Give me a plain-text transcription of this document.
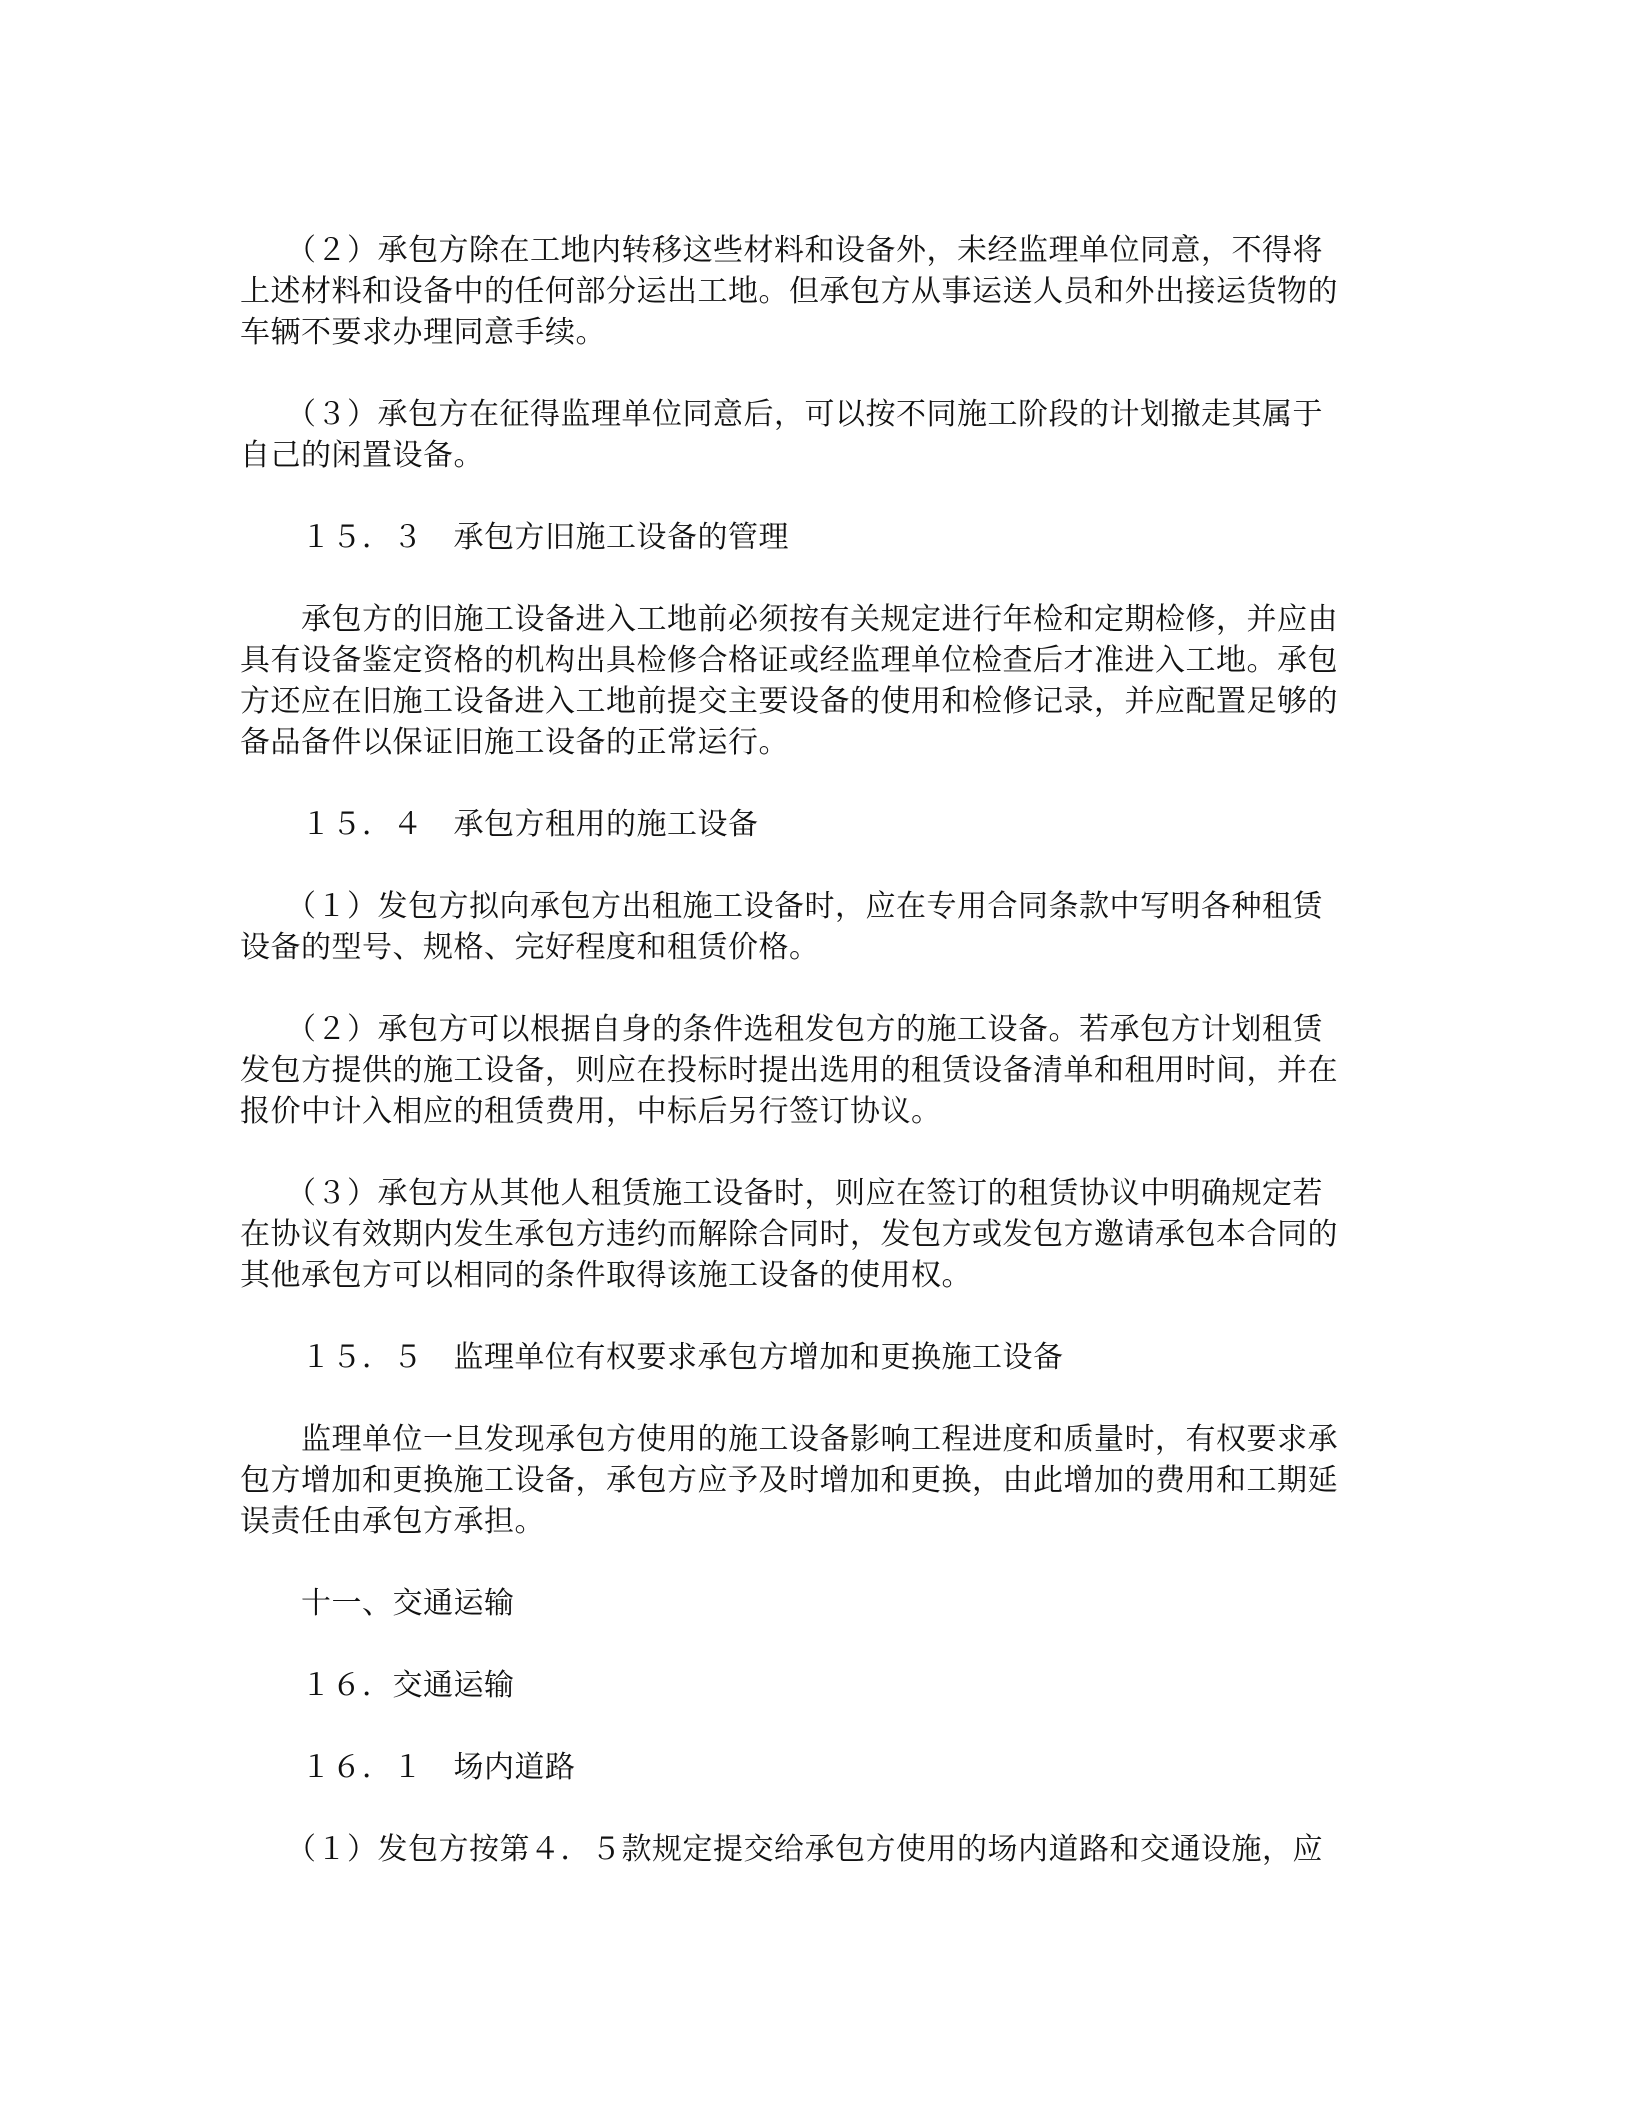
　　（２）承包方除在工地内转移这些材料和设备外，未经监理单位同意，不得将
上述材料和设备中的任何部分运出工地。但承包方从事运送人员和外出接运货物的
车辆不要求办理同意手续。
　　（３）承包方在征得监理单位同意后，可以按不同施工阶段的计划撤走其属于
自己的闲置设备。
　　１５．３　承包方旧施工设备的管理
　　承包方的旧施工设备进入工地前必须按有关规定进行年检和定期检修，并应由
具有设备鉴定资格的机构出具检修合格证或经监理单位检查后才准进入工地。承包
方还应在旧施工设备进入工地前提交主要设备的使用和检修记录，并应配置足够的
备品备件以保证旧施工设备的正常运行。
　　１５．４　承包方租用的施工设备
　　（１）发包方拟向承包方出租施工设备时，应在专用合同条款中写明各种租赁
设备的型号、规格、完好程度和租赁价格。
　　（２）承包方可以根据自身的条件选租发包方的施工设备。若承包方计划租赁
发包方提供的施工设备，则应在投标时提出选用的租赁设备清单和租用时间，并在
报价中计入相应的租赁费用，中标后另行签订协议。
　　（３）承包方从其他人租赁施工设备时，则应在签订的租赁协议中明确规定若
在协议有效期内发生承包方违约而解除合同时，发包方或发包方邀请承包本合同的
其他承包方可以相同的条件取得该施工设备的使用权。
　　１５．５　监理单位有权要求承包方增加和更换施工设备
　　监理单位一旦发现承包方使用的施工设备影响工程进度和质量时，有权要求承
包方增加和更换施工设备，承包方应予及时增加和更换，由此增加的费用和工期延
误责任由承包方承担。
　　十一、交通运输
　　１６．交通运输
　　１６．１　场内道路
　　（１）发包方按第４．５款规定提交给承包方使用的场内道路和交通设施，应
